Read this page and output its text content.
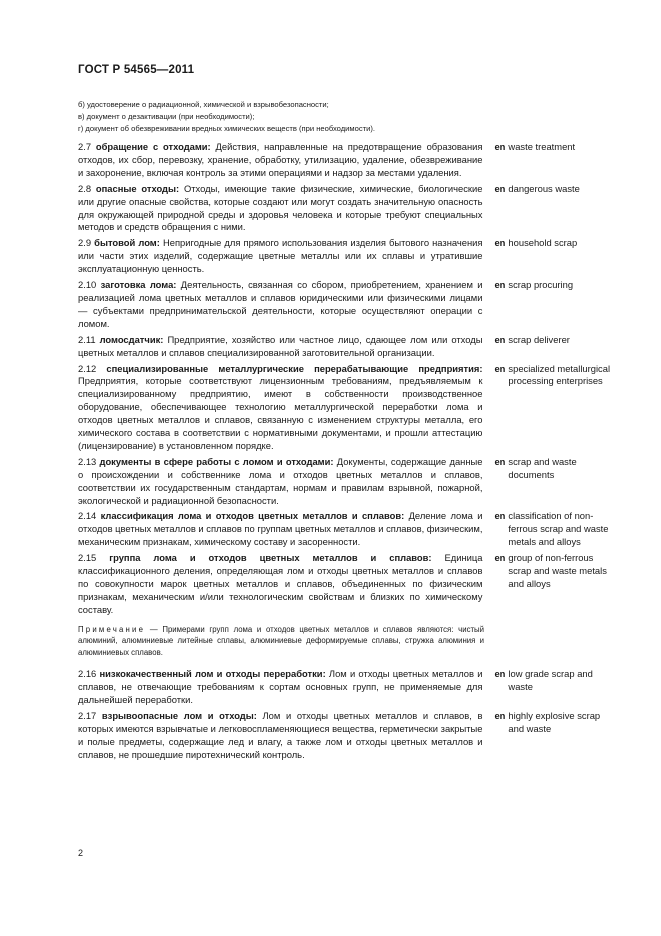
ГОСТ Р 54565—2011
б) удостоверение о радиационной, химической и взрывобезопасности;
в) документ о дезактивации (при необходимости);
г) документ об обезвреживании вредных химических веществ (при необходимости).
2.7 обращение с отходами: Действия, направленные на предотвращение образования отходов, их сбор, перевозку, хранение, обработку, утилизацию, удаление, обезвреживание и захоронение, включая контроль за этими операциями и надзор за местами удаления.
en waste treatment
2.8 опасные отходы: Отходы, имеющие такие физические, химические, биологические или другие опасные свойства, которые создают или могут создать значительную опасность для окружающей природной среды и здоровья человека и которые требуют специальных методов и средств обращения с ними.
en dangerous waste
2.9 бытовой лом: Непригодные для прямого использования изделия бытового назначения или части этих изделий, содержащие цветные металлы или их сплавы и утратившие эксплуатационную ценность.
en household scrap
2.10 заготовка лома: Деятельность, связанная со сбором, приобретением, хранением и реализацией лома цветных металлов и сплавов юридическими или физическими лицами — субъектами предпринимательской деятельности, которые осуществляют операции с ломом.
en scrap procuring
2.11 ломосдатчик: Предприятие, хозяйство или частное лицо, сдающее лом или отходы цветных металлов и сплавов специализированной заготовительной организации.
en scrap deliverer
2.12 специализированные металлургические перерабатывающие предприятия: Предприятия, которые соответствуют лицензионным требованиям, предъявляемым к специализированному предприятию, имеют в собственности производственное оборудование, обеспечивающее технологию металлургической переработки лома и отходов цветных металлов и сплавов, связанную с изменением структуры металла, его химического состава в соответствии с нормативными документами, и прошли аттестацию (лицензирование) в установленном порядке.
en specialized metallurgical processing enterprises
2.13 документы в сфере работы с ломом и отходами: Документы, содержащие данные о происхождении и собственнике лома и отходов цветных металлов и сплавов, соответствии их государственным стандартам, нормам и правилам взрывной, пожарной, экологической и радиационной безопасности.
en scrap and waste documents
2.14 классификация лома и отходов цветных металлов и сплавов: Деление лома и отходов цветных металлов и сплавов по группам цветных металлов и сплавов, физическим, механическим признакам, химическому составу и засоренности.
en classification of non-ferrous scrap and waste metals and alloys
2.15 группа лома и отходов цветных металлов и сплавов: Единица классификационного деления, определяющая лом и отходы цветных металлов и сплавов по совокупности марок цветных металлов и сплавов, объединенных по физическим признакам, механическим и/или технологическим свойствам и близких по химическому составу.
en group of non-ferrous scrap and waste metals and alloys
Примечание — Примерами групп лома и отходов цветных металлов и сплавов являются: чистый алюминий, алюминиевые литейные сплавы, алюминиевые деформируемые сплавы, стружка алюминия и алюминиевых сплавов.
2.16 низкокачественный лом и отходы переработки: Лом и отходы цветных металлов и сплавов, не отвечающие требованиям к сортам основных групп, не применяемые для дальнейшей переработки.
en low grade scrap and waste
2.17 взрывоопасные лом и отходы: Лом и отходы цветных металлов и сплавов, в которых имеются взрывчатые и легковоспламеняющиеся вещества, герметически закрытые и полые предметы, содержащие лед и влагу, а также лом и отходы цветных металлов и сплавов, не прошедшие пиротехнический контроль.
en highly explosive scrap and waste
2
